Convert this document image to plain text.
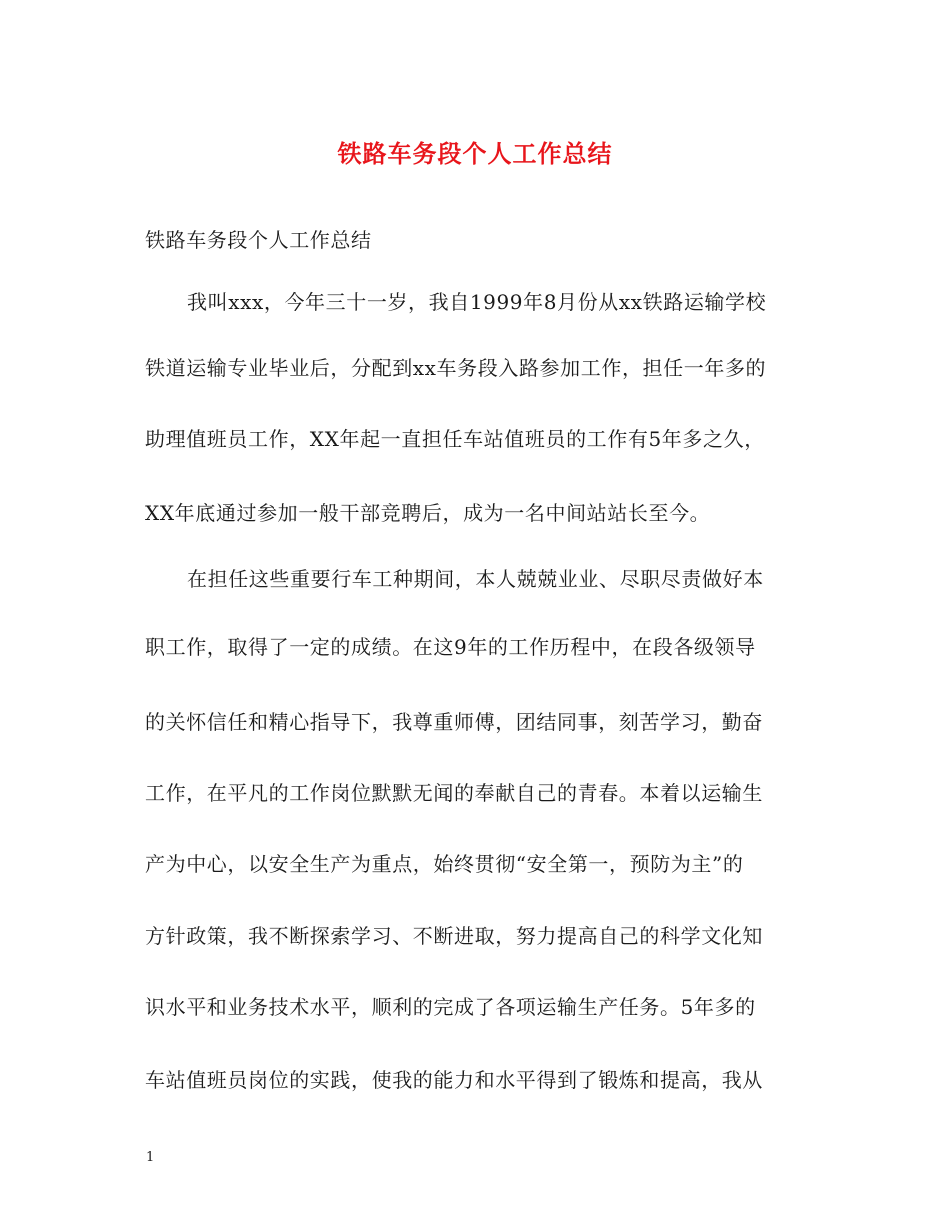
铁路车务段个人工作总结
铁路车务段个人工作总结
我叫xxx，今年三十一岁，我自1999年8月份从xx铁路运输学校
铁道运输专业毕业后，分配到xx车务段入路参加工作，担任一年多的
助理值班员工作，XX年起一直担任车站值班员的工作有5年多之久，
XX年底通过参加一般干部竞聘后，成为一名中间站站长至今。
在担任这些重要行车工种期间，本人兢兢业业、尽职尽责做好本
职工作，取得了一定的成绩。在这9年的工作历程中，在段各级领导
的关怀信任和精心指导下，我尊重师傅，团结同事，刻苦学习，勤奋
工作，在平凡的工作岗位默默无闻的奉献自己的青春。本着以运输生
产为中心，以安全生产为重点，始终贯彻“安全第一，预防为主”的
方针政策，我不断探索学习、不断进取，努力提高自己的科学文化知
识水平和业务技术水平，顺利的完成了各项运输生产任务。5年多的
车站值班员岗位的实践，使我的能力和水平得到了锻炼和提高，我从
1
